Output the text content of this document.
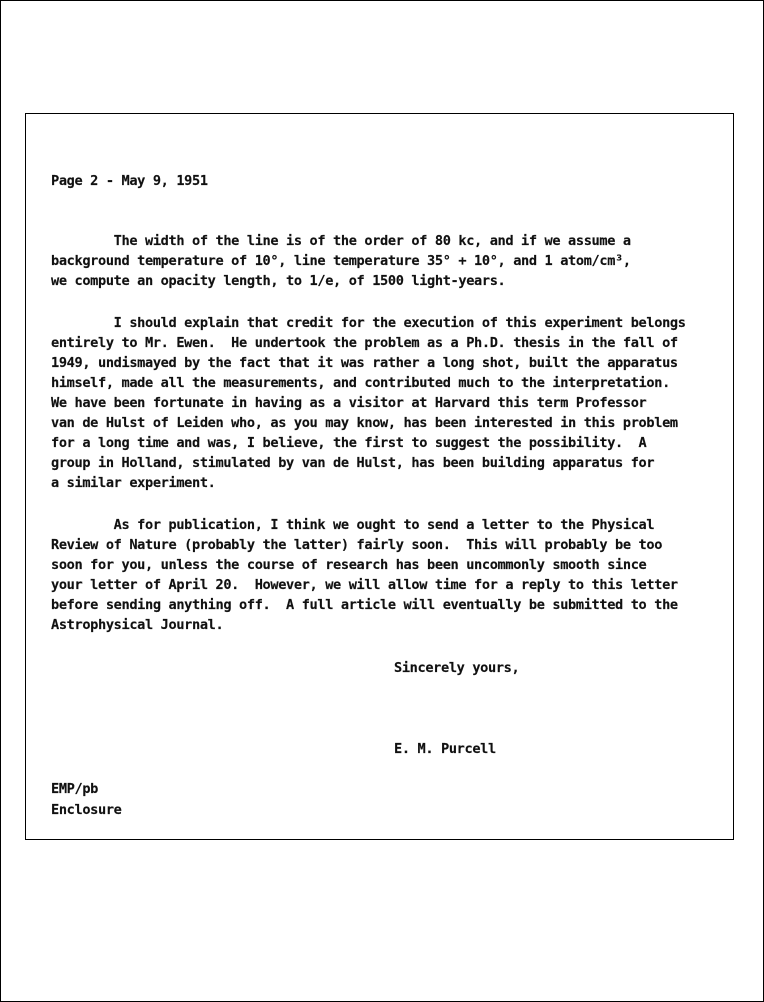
Page 2 - May 9, 1951
The width of the line is of the order of 80 kc, and if we assume a
background temperature of 10°, line temperature 35° + 10°, and 1 atom/cm³,
we compute an opacity length, to 1/e, of 1500 light-years.
I should explain that credit for the execution of this experiment belongs
entirely to Mr. Ewen.  He undertook the problem as a Ph.D. thesis in the fall of
1949, undismayed by the fact that it was rather a long shot, built the apparatus
himself, made all the measurements, and contributed much to the interpretation.
We have been fortunate in having as a visitor at Harvard this term Professor
van de Hulst of Leiden who, as you may know, has been interested in this problem
for a long time and was, I believe, the first to suggest the possibility.  A
group in Holland, stimulated by van de Hulst, has been building apparatus for
a similar experiment.
As for publication, I think we ought to send a letter to the Physical
Review of Nature (probably the latter) fairly soon.  This will probably be too
soon for you, unless the course of research has been uncommonly smooth since
your letter of April 20.  However, we will allow time for a reply to this letter
before sending anything off.  A full article will eventually be submitted to the
Astrophysical Journal.
Sincerely yours,
E. M. Purcell
EMP/pb
Enclosure
